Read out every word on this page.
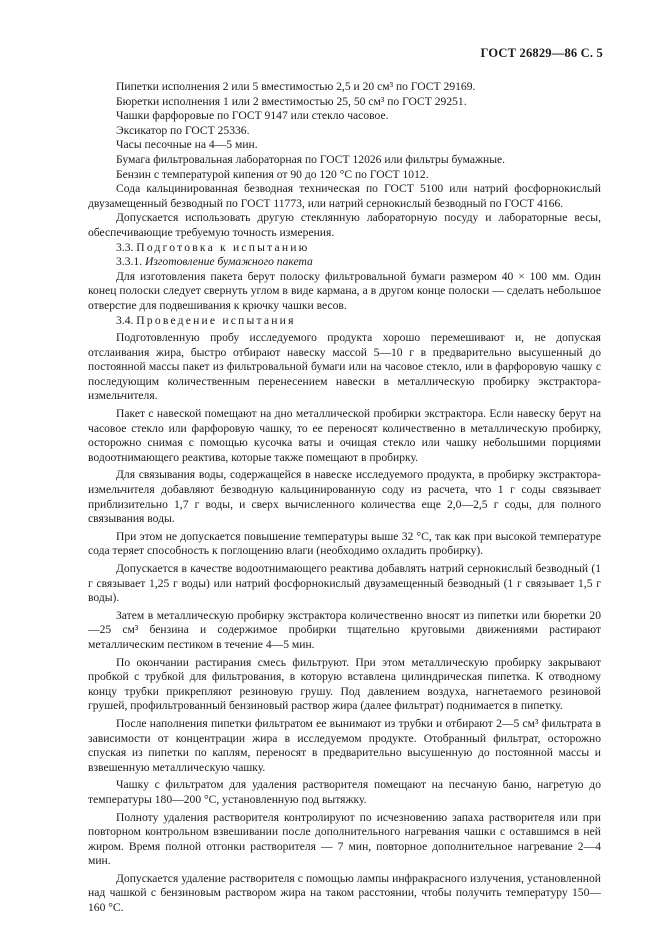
ГОСТ 26829—86 С. 5

Пипетки исполнения 2 или 5 вместимостью 2,5 и 20 см³ по ГОСТ 29169.

Бюретки исполнения 1 или 2 вместимостью 25, 50 см³ по ГОСТ 29251.

Чашки фарфоровые по ГОСТ 9147 или стекло часовое.

Эксикатор по ГОСТ 25336.

Часы песочные на 4—5 мин.

Бумага фильтровальная лабораторная по ГОСТ 12026 или фильтры бумажные.

Бензин с температурой кипения от 90 до 120 °С по ГОСТ 1012.

Сода кальцинированная безводная техническая по ГОСТ 5100 или натрий фосфорнокислый двузамещенный безводный по ГОСТ 11773, или натрий сернокислый безводный по ГОСТ 4166.

Допускается использовать другую стеклянную лабораторную посуду и лабораторные весы, обеспечивающие требуемую точность измерения.

3.3. Подготовка к испытанию

3.3.1. Изготовление бумажного пакета

Для изготовления пакета берут полоску фильтровальной бумаги размером 40 × 100 мм. Один конец полоски следует свернуть углом в виде кармана, а в другом конце полоски — сделать небольшое отверстие для подвешивания к крючку чашки весов.

3.4. Проведение испытания

Подготовленную пробу исследуемого продукта хорошо перемешивают и, не допуская отслаивания жира, быстро отбирают навеску массой 5—10 г в предварительно высушенный до постоянной массы пакет из фильтровальной бумаги или на часовое стекло, или в фарфоровую чашку с последующим количественным перенесением навески в металлическую пробирку экстрактора-измельчителя.

Пакет с навеской помещают на дно металлической пробирки экстрактора. Если навеску берут на часовое стекло или фарфоровую чашку, то ее переносят количественно в металлическую пробирку, осторожно снимая с помощью кусочка ваты и очищая стекло или чашку небольшими порциями водоотнимающего реактива, которые также помещают в пробирку.

Для связывания воды, содержащейся в навеске исследуемого продукта, в пробирку экстрактора-измельчителя добавляют безводную кальцинированную соду из расчета, что 1 г соды связывает приблизительно 1,7 г воды, и сверх вычисленного количества еще 2,0—2,5 г соды, для полного связывания воды.

При этом не допускается повышение температуры выше 32 °С, так как при высокой температуре сода теряет способность к поглощению влаги (необходимо охладить пробирку).

Допускается в качестве водоотнимающего реактива добавлять натрий сернокислый безводный (1 г связывает 1,25 г воды) или натрий фосфорнокислый двузамещенный безводный (1 г связывает 1,5 г воды).

Затем в металлическую пробирку экстрактора количественно вносят из пипетки или бюретки 20—25 см³ бензина и содержимое пробирки тщательно круговыми движениями растирают металлическим пестиком в течение 4—5 мин.

По окончании растирания смесь фильтруют. При этом металлическую пробирку закрывают пробкой с трубкой для фильтрования, в которую вставлена цилиндрическая пипетка. К отводному концу трубки прикрепляют резиновую грушу. Под давлением воздуха, нагнетаемого резиновой грушей, профильтрованный бензиновый раствор жира (далее фильтрат) поднимается в пипетку.

После наполнения пипетки фильтратом ее вынимают из трубки и отбирают 2—5 см³ фильтрата в зависимости от концентрации жира в исследуемом продукте. Отобранный фильтрат, осторожно спуская из пипетки по каплям, переносят в предварительно высушенную до постоянной массы и взвешенную металлическую чашку.

Чашку с фильтратом для удаления растворителя помещают на песчаную баню, нагретую до температуры 180—200 °С, установленную под вытяжку.

Полноту удаления растворителя контролируют по исчезновению запаха растворителя или при повторном контрольном взвешивании после дополнительного нагревания чашки с оставшимся в ней жиром. Время полной отгонки растворителя — 7 мин, повторное дополнительное нагревание 2—4 мин.

Допускается удаление растворителя с помощью лампы инфракрасного излучения, установленной над чашкой с бензиновым раствором жира на таком расстоянии, чтобы получить температуру 150—160 °С.
